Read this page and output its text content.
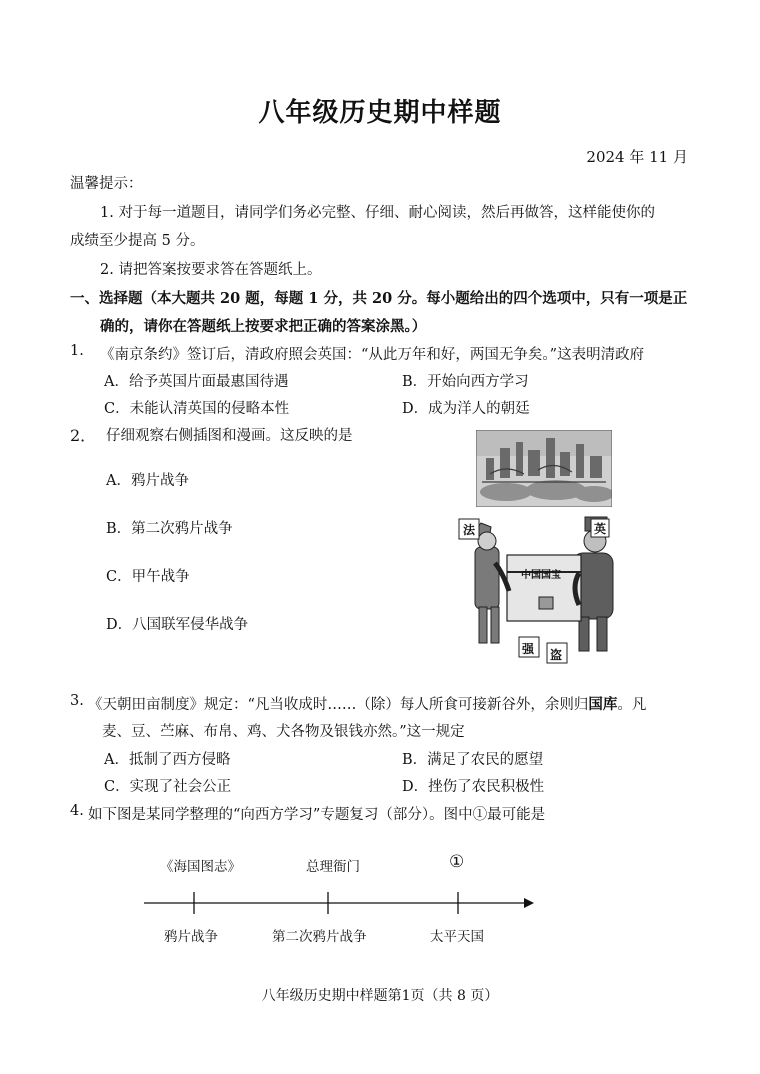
八年级历史期中样题
2024 年 11 月
温馨提示：
1. 对于每一道题目，请同学们务必完整、仔细、耐心阅读，然后再做答，这样能使你的
成绩至少提高 5 分。
2. 请把答案按要求答在答题纸上。
一、选择题（本大题共 20 题，每题 1 分，共 20 分。每小题给出的四个选项中，只有一项是正
确的，请你在答题纸上按要求把正确的答案涂黑。）
1. 《南京条约》签订后，清政府照会英国：“从此万年和好，两国无争矣。”这表明清政府
A．给予英国片面最惠国待遇	B．开始向西方学习
C．未能认清英国的侵略本性	D．成为洋人的朝廷
2． 仔细观察右侧插图和漫画。这反映的是
A．鸦片战争
B．第二次鸦片战争
C．甲午战争
D．八国联军侵华战争
法	英
中国国宝
强 盗
3. 《天朝田亩制度》规定：“凡当收成时……（除）每人所食可接新谷外，余则归国库。凡
麦、豆、苎麻、布帛、鸡、犬各物及银钱亦然。”这一规定
A．抵制了西方侵略	B．满足了农民的愿望
C．实现了社会公正	D．挫伤了农民积极性
4. 如下图是某同学整理的“向西方学习”专题复习（部分）。图中①最可能是
《海国图志》	总理衙门	①
鸦片战争	第二次鸦片战争	太平天国
八年级历史期中样题第1页（共 8 页）
